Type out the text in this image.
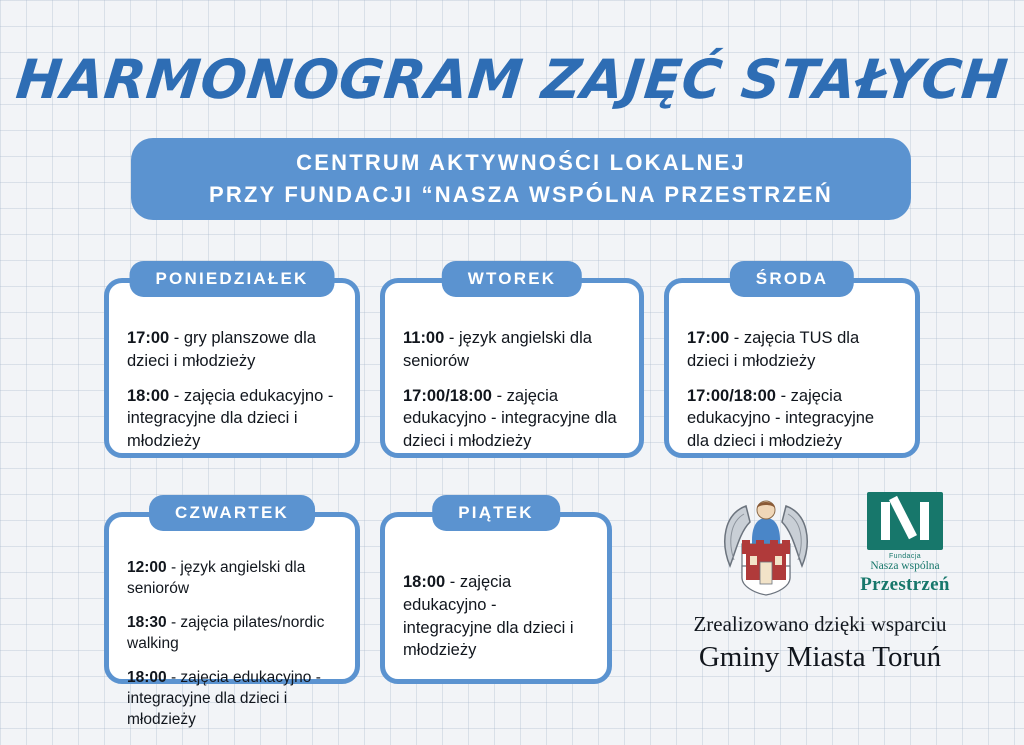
HARMONOGRAM ZAJĘĆ STAŁYCH
CENTRUM AKTYWNOŚCI LOKALNEJ
PRZY FUNDACJI “NASZA WSPÓLNA PRZESTRZEŃ
PONIEDZIAŁEK
17:00 - gry planszowe dla dzieci i młodzieży
18:00 - zajęcia edukacyjno - integracyjne dla dzieci i młodzieży
WTOREK
11:00 - język angielski dla seniorów
17:00/18:00 - zajęcia edukacyjno - integracyjne dla dzieci i młodzieży
ŚRODA
17:00 - zajęcia TUS dla dzieci i młodzieży
17:00/18:00 - zajęcia edukacyjno - integracyjne dla dzieci i młodzieży
CZWARTEK
12:00 - język angielski dla seniorów
18:30 - zajęcia pilates/nordic walking
18:00 - zajęcia edukacyjno - integracyjne dla dzieci i młodzieży
PIĄTEK
18:00 - zajęcia edukacyjno - integracyjne dla dzieci i młodzieży
Fundacja
Nasza wspólna
Przestrzeń
Zrealizowano dzięki wsparciu
Gminy Miasta Toruń
